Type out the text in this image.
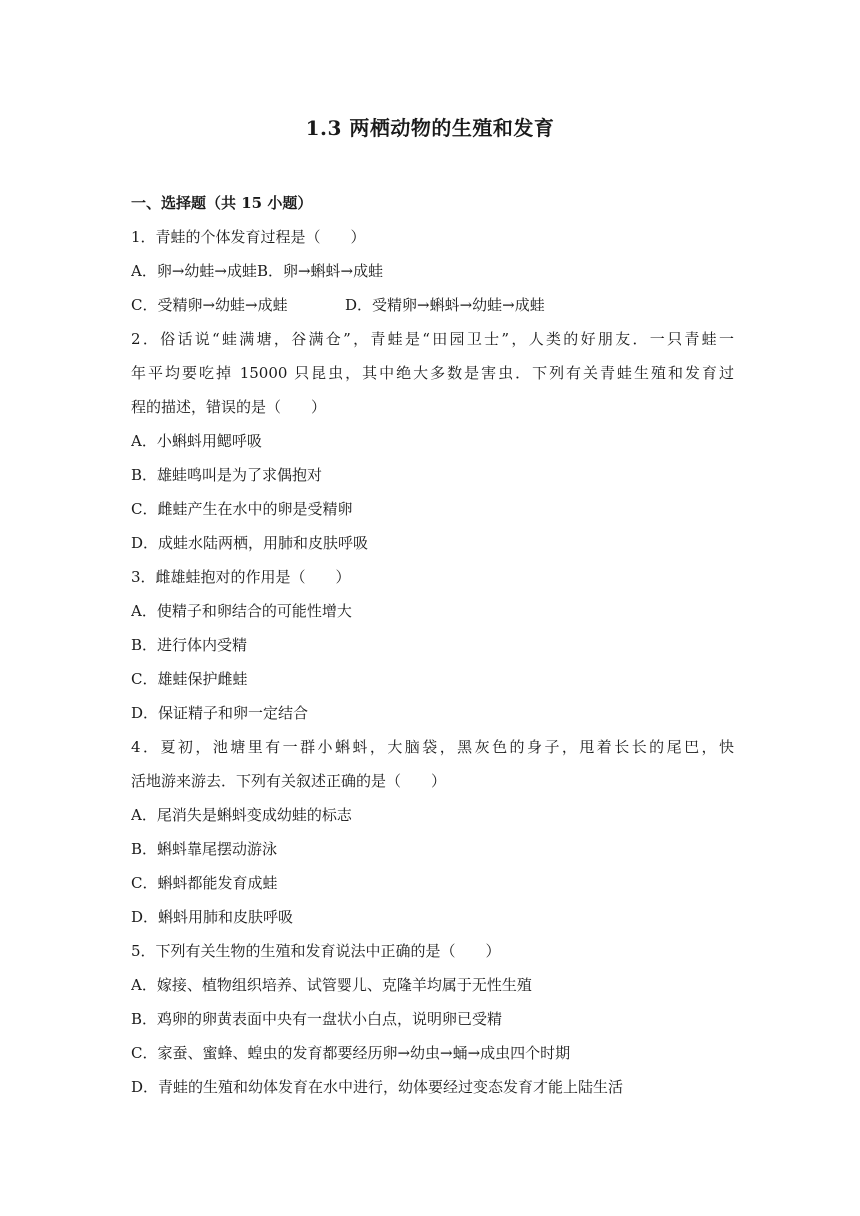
1.3 两栖动物的生殖和发育
一、选择题（共 15 小题）
1．青蛙的个体发育过程是（　　）
A．卵→幼蛙→成蛙B．卵→蝌蚪→成蛙
C．受精卵→幼蛙→成蛙	D．受精卵→蝌蚪→幼蛙→成蛙
2．俗话说“蛙满塘，谷满仓”，青蛙是“田园卫士”，人类的好朋友．一只青蛙一
年平均要吃掉 15000 只昆虫，其中绝大多数是害虫．下列有关青蛙生殖和发育过
程的描述，错误的是（　　）
A．小蝌蚪用鳃呼吸
B．雄蛙鸣叫是为了求偶抱对
C．雌蛙产生在水中的卵是受精卵
D．成蛙水陆两栖，用肺和皮肤呼吸
3．雌雄蛙抱对的作用是（　　）
A．使精子和卵结合的可能性增大
B．进行体内受精
C．雄蛙保护雌蛙
D．保证精子和卵一定结合
4．夏初，池塘里有一群小蝌蚪，大脑袋，黑灰色的身子，甩着长长的尾巴，快
活地游来游去．下列有关叙述正确的是（　　）
A．尾消失是蝌蚪变成幼蛙的标志
B．蝌蚪靠尾摆动游泳
C．蝌蚪都能发育成蛙
D．蝌蚪用肺和皮肤呼吸
5．下列有关生物的生殖和发育说法中正确的是（　　）
A．嫁接、植物组织培养、试管婴儿、克隆羊均属于无性生殖
B．鸡卵的卵黄表面中央有一盘状小白点，说明卵已受精
C．家蚕、蜜蜂、蝗虫的发育都要经历卵→幼虫→蛹→成虫四个时期
D．青蛙的生殖和幼体发育在水中进行，幼体要经过变态发育才能上陆生活
